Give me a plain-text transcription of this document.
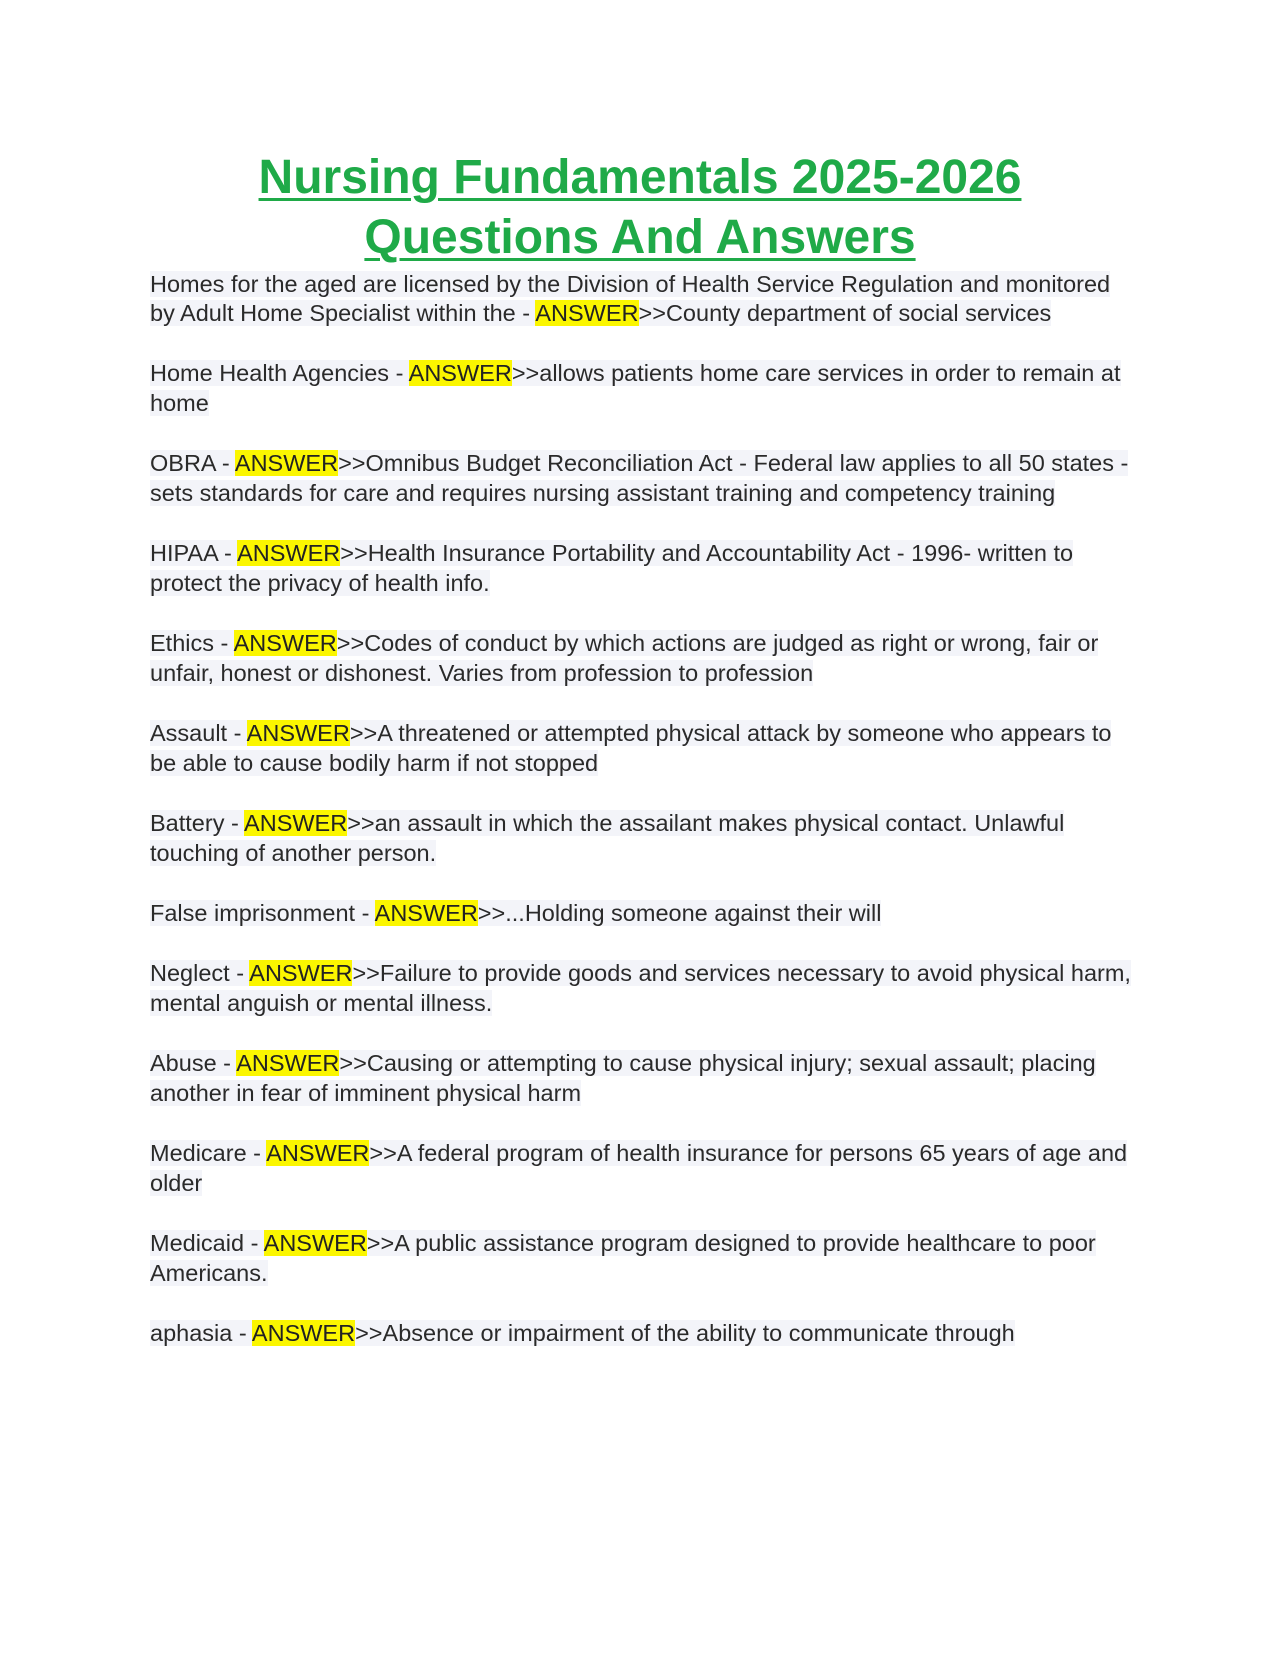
Nursing Fundamentals 2025-2026
Questions And Answers

Homes for the aged are licensed by the Division of Health Service Regulation and monitored by Adult Home Specialist within the - ANSWER>>County department of social services

Home Health Agencies - ANSWER>>allows patients home care services in order to remain at home

OBRA - ANSWER>>Omnibus Budget Reconciliation Act - Federal law applies to all 50 states - sets standards for care and requires nursing assistant training and competency training

HIPAA - ANSWER>>Health Insurance Portability and Accountability Act - 1996- written to protect the privacy of health info.

Ethics - ANSWER>>Codes of conduct by which actions are judged as right or wrong, fair or unfair, honest or dishonest. Varies from profession to profession

Assault - ANSWER>>A threatened or attempted physical attack by someone who appears to be able to cause bodily harm if not stopped

Battery - ANSWER>>an assault in which the assailant makes physical contact. Unlawful touching of another person.

False imprisonment - ANSWER>>...Holding someone against their will

Neglect - ANSWER>>Failure to provide goods and services necessary to avoid physical harm, mental anguish or mental illness.

Abuse - ANSWER>>Causing or attempting to cause physical injury; sexual assault; placing another in fear of imminent physical harm

Medicare - ANSWER>>A federal program of health insurance for persons 65 years of age and older

Medicaid - ANSWER>>A public assistance program designed to provide healthcare to poor Americans.

aphasia - ANSWER>>Absence or impairment of the ability to communicate through
